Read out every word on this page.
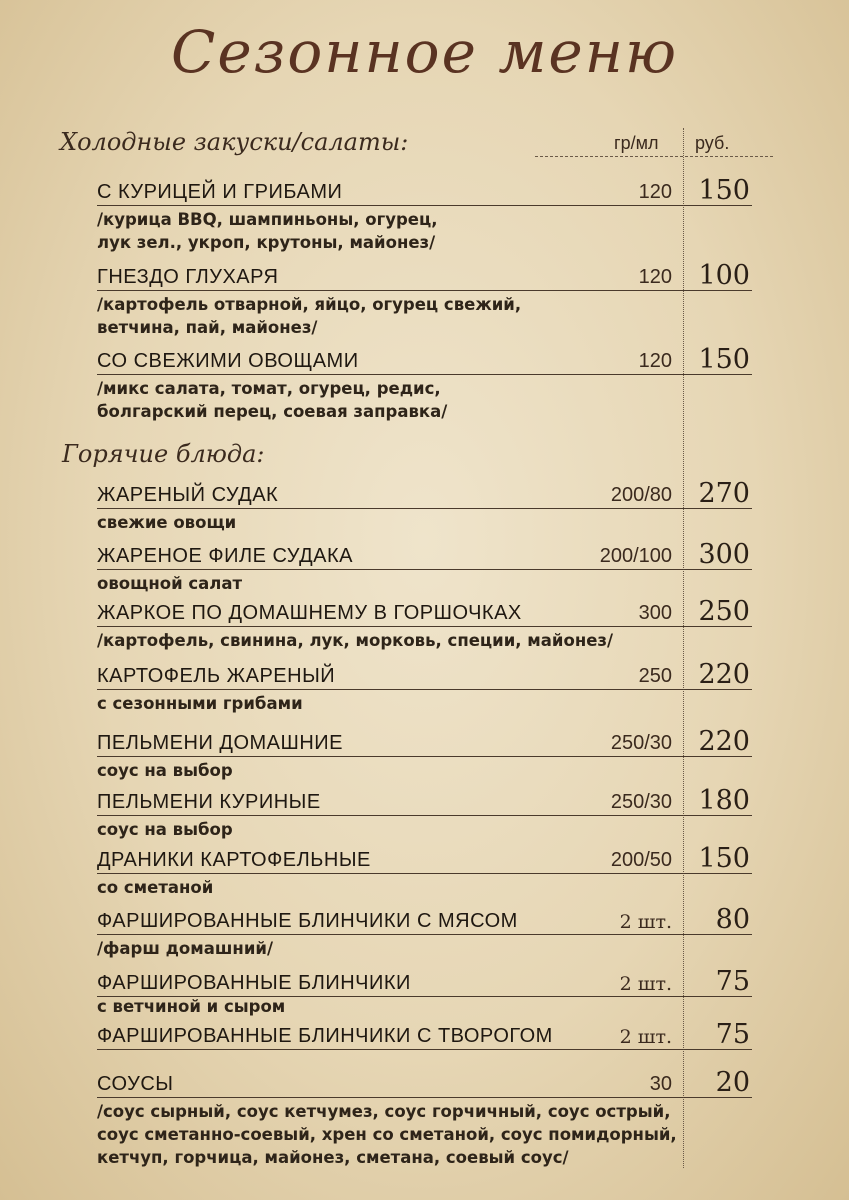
Сезонное меню
Холодные закуски/салаты:	гр/мл руб.
С КУРИЦЕЙ И ГРИБАМИ	120 150
/курица BBQ, шампиньоны, огурец,
лук зел., укроп, крутоны, майонез/
ГНЕЗДО ГЛУХАРЯ	120 100
/картофель отварной, яйцо, огурец свежий,
ветчина, пай, майонез/
СО СВЕЖИМИ ОВОЩАМИ	120 150
/микс салата, томат, огурец, редис,
болгарский перец, соевая заправка/
Горячие блюда:
ЖАРЕНЫЙ СУДАК	200/80 270
свежие овощи
ЖАРЕНОЕ ФИЛЕ СУДАКА	200/100 300
овощной салат
ЖАРКОЕ ПО ДОМАШНЕМУ В ГОРШОЧКАХ	300 250
/картофель, свинина, лук, морковь, специи, майонез/
КАРТОФЕЛЬ ЖАРЕНЫЙ	250 220
с сезонными грибами
ПЕЛЬМЕНИ ДОМАШНИЕ	250/30 220
соус на выбор
ПЕЛЬМЕНИ КУРИНЫЕ	250/30 180
соус на выбор
ДРАНИКИ КАРТОФЕЛЬНЫЕ	200/50 150
со сметаной
ФАРШИРОВАННЫЕ БЛИНЧИКИ С МЯСОМ	2 шт. 80
/фарш домашний/
ФАРШИРОВАННЫЕ БЛИНЧИКИ	2 шт. 75
с ветчиной и сыром
ФАРШИРОВАННЫЕ БЛИНЧИКИ С ТВОРОГОМ	2 шт. 75
СОУСЫ	30 20
/соус сырный, соус кетчумез, соус горчичный, соус острый,
соус сметанно-соевый, хрен со сметаной, соус помидорный,
кетчуп, горчица, майонез, сметана, соевый соус/
